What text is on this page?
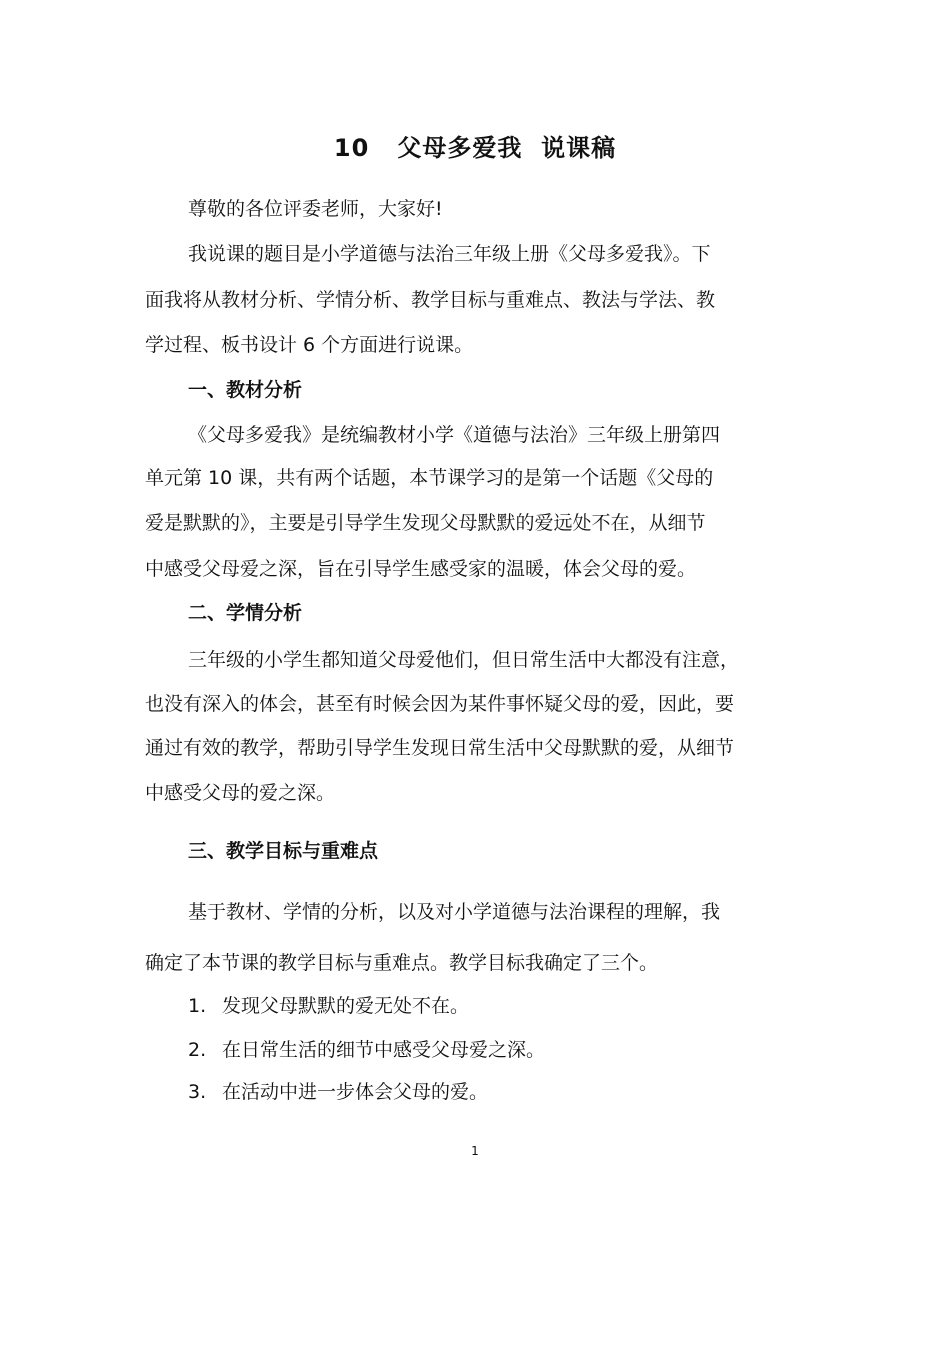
10   父母多爱我  说课稿
尊敬的各位评委老师，大家好!
我说课的题目是小学道德与法治三年级上册《父母多爱我》。下
面我将从教材分析、学情分析、教学目标与重难点、教法与学法、教
学过程、板书设计 6 个方面进行说课。
一、教材分析
《父母多爱我》是统编教材小学《道德与法治》三年级上册第四
单元第 10 课，共有两个话题，本节课学习的是第一个话题《父母的
爱是默默的》，主要是引导学生发现父母默默的爱远处不在，从细节
中感受父母爱之深，旨在引导学生感受家的温暖，体会父母的爱。
二、学情分析
三年级的小学生都知道父母爱他们，但日常生活中大都没有注意，
也没有深入的体会，甚至有时候会因为某件事怀疑父母的爱，因此，要
通过有效的教学，帮助引导学生发现日常生活中父母默默的爱，从细节
中感受父母的爱之深。
三、教学目标与重难点
基于教材、学情的分析，以及对小学道德与法治课程的理解，我
确定了本节课的教学目标与重难点。教学目标我确定了三个。
1. 发现父母默默的爱无处不在。
2. 在日常生活的细节中感受父母爱之深。
3. 在活动中进一步体会父母的爱。
1
